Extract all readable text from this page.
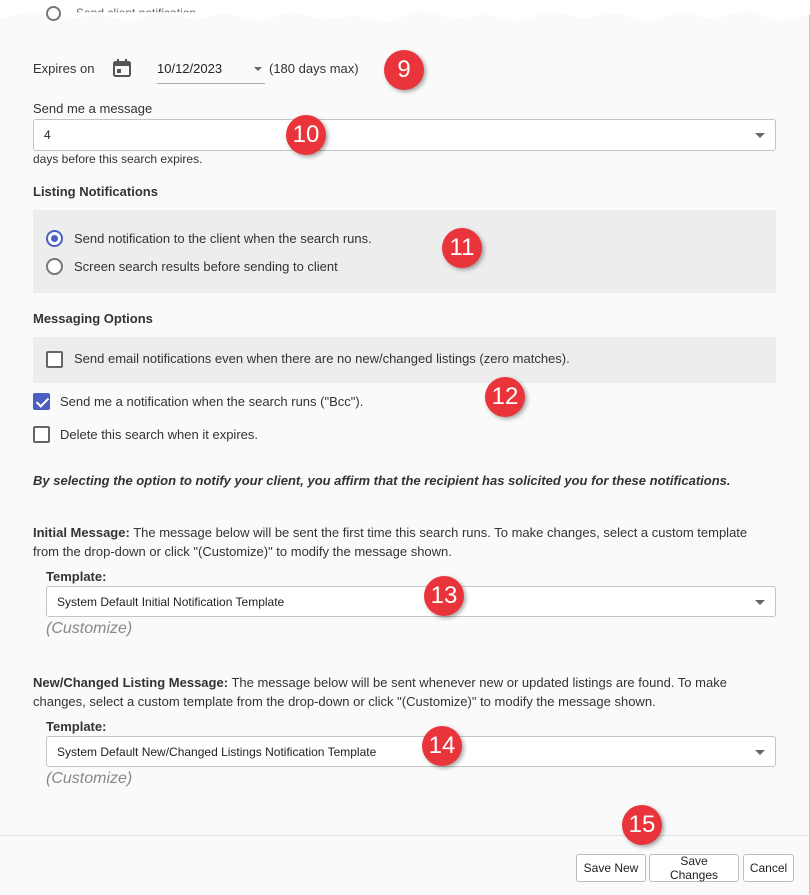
Expires on	10/12/2023	(180 days max)	9
Send me a message
4	10
days before this search expires.
Listing Notifications
Send notification to the client when the search runs.
Screen search results before sending to client
11
Messaging Options
Send email notifications even when there are no new/changed listings (zero matches).
Send me a notification when the search runs ("Bcc").
Delete this search when it expires.
12
By selecting the option to notify your client, you affirm that the recipient has solicited you for these notifications.
Initial Message: The message below will be sent the first time this search runs. To make changes, select a custom template
from the drop-down or click "(Customize)" to modify the message shown.
Template:
System Default Initial Notification Template	13
(Customize)
New/Changed Listing Message: The message below will be sent whenever new or updated listings are found. To make
changes, select a custom template from the drop-down or click "(Customize)" to modify the message shown.
Template:
System Default New/Changed Listings Notification Template 14
(Customize)
15
Save New	Save Changes	Cancel
